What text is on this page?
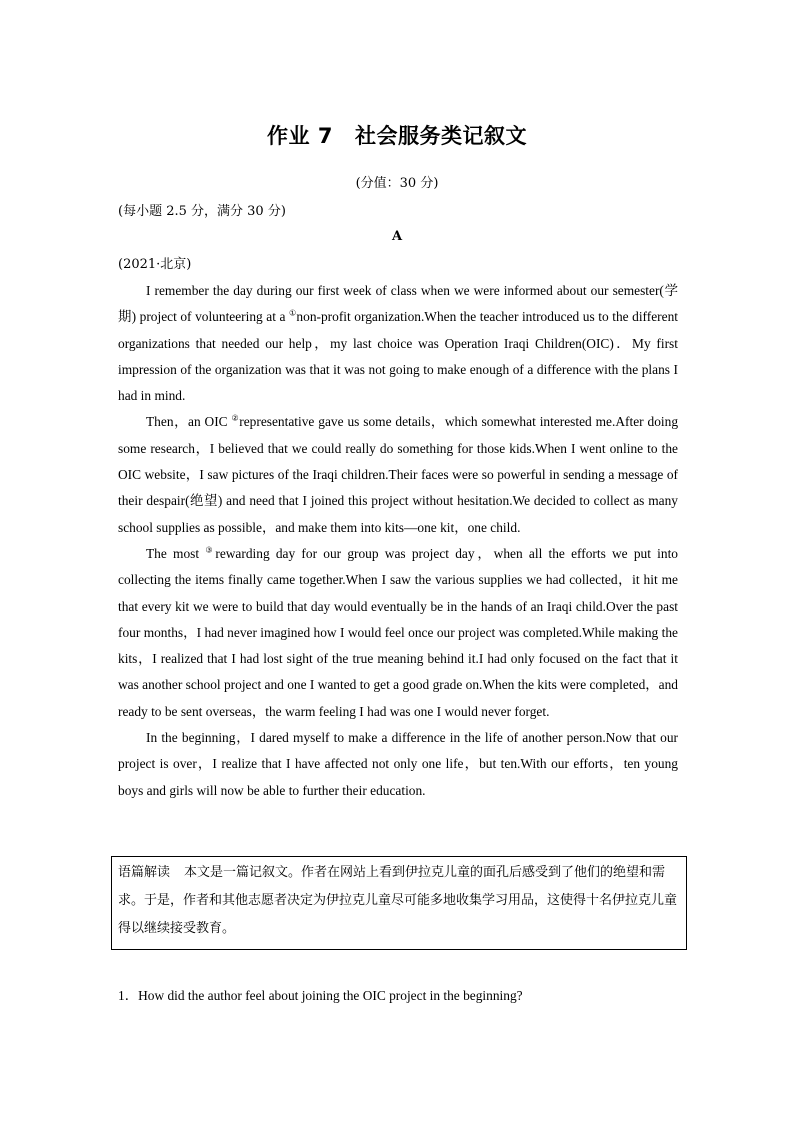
作业 7 社会服务类记叙文
(分值：30 分)
(每小题 2.5 分，满分 30 分)
A
(2021·北京)

I remember the day during our first week of class when we were informed about our semester(学期) project of volunteering at a ①non-profit organization.When the teacher introduced us to the different organizations that needed our help，my last choice was Operation Iraqi Children(OIC)．My first impression of the organization was that it was not going to make enough of a difference with the plans I had in mind.

Then，an OIC ②representative gave us some details，which somewhat interested me.After doing some research，I believed that we could really do something for those kids.When I went online to the OIC website，I saw pictures of the Iraqi children.Their faces were so powerful in sending a message of their despair(绝望) and need that I joined this project without hesitation.We decided to collect as many school supplies as possible，and make them into kits—one kit，one child.

The most ③rewarding day for our group was project day，when all the efforts we put into collecting the items finally came together.When I saw the various supplies we had collected，it hit me that every kit we were to build that day would eventually be in the hands of an Iraqi child.Over the past four months，I had never imagined how I would feel once our project was completed.While making the kits，I realized that I had lost sight of the true meaning behind it.I had only focused on the fact that it was another school project and one I wanted to get a good grade on.When the kits were completed，and ready to be sent overseas，the warm feeling I had was one I would never forget.

In the beginning，I dared myself to make a difference in the life of another person.Now that our project is over，I realize that I have affected not only one life，but ten.With our efforts，ten young boys and girls will now be able to further their education.

语篇解读 本文是一篇记叙文。作者在网站上看到伊拉克儿童的面孔后感受到了他们的绝望和需求。于是，作者和其他志愿者决定为伊拉克儿童尽可能多地收集学习用品，这使得十名伊拉克儿童得以继续接受教育。
1．How did the author feel about joining the OIC project in the beginning?
